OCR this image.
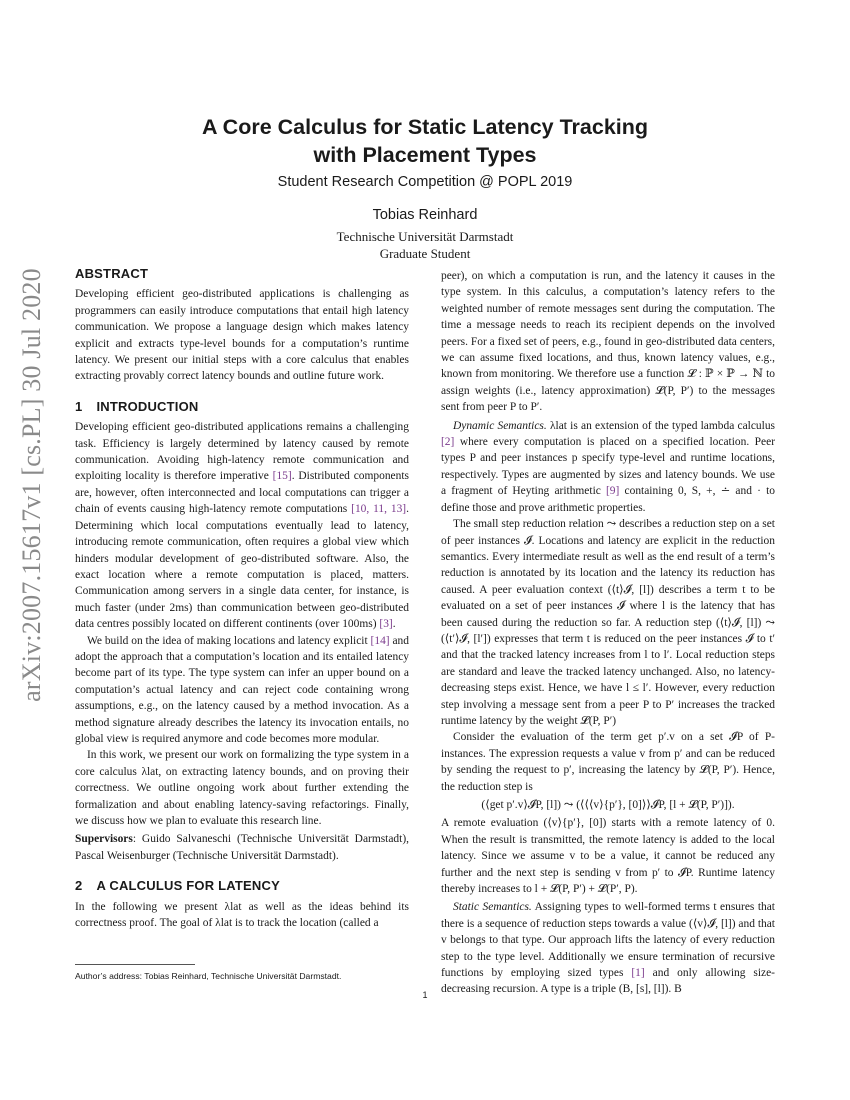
arXiv:2007.15617v1 [cs.PL] 30 Jul 2020
A Core Calculus for Static Latency Tracking
with Placement Types
Student Research Competition @ POPL 2019
Tobias Reinhard
Technische Universität Darmstadt
Graduate Student
ABSTRACT

Developing efficient geo-distributed applications is challenging as programmers can easily introduce computations that entail high latency communication. We propose a language design which makes latency explicit and extracts type-level bounds for a computation’s runtime latency. We present our initial steps with a core calculus that enables extracting provably correct latency bounds and outline future work.

1 INTRODUCTION

Developing efficient geo-distributed applications remains a challenging task. Efficiency is largely determined by latency caused by remote communication. Avoiding high-latency remote communication and exploiting locality is therefore imperative [15]. Distributed components are, however, often interconnected and local computations can trigger a chain of events causing high-latency remote computations [10, 11, 13]. Determining which local computations eventually lead to latency, introducing remote communication, often requires a global view which hinders modular development of geo-distributed software. Also, the exact location where a remote computation is placed, matters. Communication among servers in a single data center, for instance, is much faster (under 2ms) than communication between geo-distributed data centres possibly located on different continents (over 100ms) [3].

We build on the idea of making locations and latency explicit [14] and adopt the approach that a computation’s location and its entailed latency become part of its type. The type system can infer an upper bound on a computation’s actual latency and can reject code containing wrong assumptions, e.g., on the latency caused by a method invocation. As a method signature already describes the latency its invocation entails, no global view is required anymore and code becomes more modular.

In this work, we present our work on formalizing the type system in a core calculus λlat, on extracting latency bounds, and on proving their correctness. We outline ongoing work about further extending the formalization and about enabling latency-saving refactorings. Finally, we discuss how we plan to evaluate this research line.

Supervisors: Guido Salvaneschi (Technische Universität Darmstadt), Pascal Weisenburger (Technische Universität Darmstadt).

2 A CALCULUS FOR LATENCY

In the following we present λlat as well as the ideas behind its correctness proof. The goal of λlat is to track the location (called a

peer), on which a computation is run, and the latency it causes in the type system. In this calculus, a computation’s latency refers to the weighted number of remote messages sent during the computation. The time a message needs to reach its recipient depends on the involved peers. For a fixed set of peers, e.g., found in geo-distributed data centers, we can assume fixed locations, and thus, known latency values, e.g., known from monitoring. We therefore use a function 𝓛 : ℙ × ℙ → ℕ to assign weights (i.e., latency approximation) 𝓛(P, P′) to the messages sent from peer P to P′.

Dynamic Semantics. λlat is an extension of the typed lambda calculus [2] where every computation is placed on a specified location. Peer types P and peer instances p specify type-level and runtime locations, respectively. Types are augmented by sizes and latency bounds. We use a fragment of Heyting arithmetic [9] containing 0, S, +, ∸ and · to define those and prove arithmetic properties.

The small step reduction relation ⤳ describes a reduction step on a set of peer instances 𝓘. Locations and latency are explicit in the reduction semantics. Every intermediate result as well as the end result of a term’s reduction is annotated by its location and the latency its reduction has caused. A peer evaluation context (⟨t⟩𝓘, [l]) describes a term t to be evaluated on a set of peer instances 𝓘 where l is the latency that has been caused during the reduction so far. A reduction step (⟨t⟩𝓘, [l]) ⤳ (⟨t′⟩𝓘, [l′]) expresses that term t is reduced on the peer instances 𝓘 to t′ and that the tracked latency increases from l to l′. Local reduction steps are standard and leave the tracked latency unchanged. Also, no latency-decreasing steps exist. Hence, we have l ≤ l′. However, every reduction step involving a message sent from a peer P to P′ increases the tracked runtime latency by the weight 𝓛(P, P′)

Consider the evaluation of the term get p′.v on a set 𝓘P of P-instances. The expression requests a value v from p′ and can be reduced by sending the request to p′, increasing the latency by 𝓛(P, P′). Hence, the reduction step is

(⟨get p′.v⟩𝓘P, [l]) ⤳ (⟨⟨⟨v⟩{p′}, [0]⟩⟩𝓘P, [l + 𝓛(P, P′)]).

A remote evaluation (⟨v⟩{p′}, [0]) starts with a remote latency of 0. When the result is transmitted, the remote latency is added to the local latency. Since we assume v to be a value, it cannot be reduced any further and the next step is sending v from p′ to 𝓘P. Runtime latency thereby increases to l + 𝓛(P, P′) + 𝓛(P′, P).

Static Semantics. Assigning types to well-formed terms t ensures that there is a sequence of reduction steps towards a value (⟨v⟩𝓘, [l]) and that v belongs to that type. Our approach lifts the latency of every reduction step to the type level. Additionally we ensure termination of recursive functions by employing sized types [1] and only allowing size-decreasing recursion. A type is a triple (B, [s], [l]). B

Author’s address: Tobias Reinhard, Technische Universität Darmstadt.
1
